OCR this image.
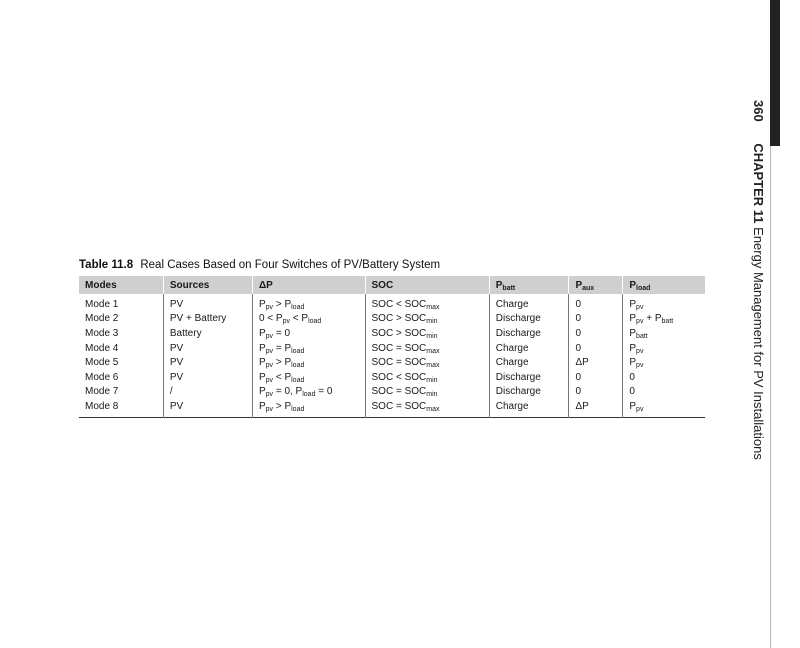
360 CHAPTER 11 Energy Management for PV Installations
Table 11.8 Real Cases Based on Four Switches of PV/Battery System
Modes	Sources	ΔP	SOC	$P_{batt}$	$P_{aux}$	$P_{load}$
Mode 1	PV	$P_{pv} > P_{load}$	SOC < $SOC_{max}$	Charge	0	$P_{pv}$
Mode 2	PV + Battery	$0 < P_{pv} < P_{load}$	SOC > $SOC_{min}$	Discharge	0	$P_{pv} + P_{batt}$
Mode 3	Battery	$P_{pv} = 0$	SOC > $SOC_{min}$	Discharge	0	$P_{batt}$
Mode 4	PV	$P_{pv} = P_{load}$	SOC = $SOC_{max}$	Charge	0	$P_{pv}$
Mode 5	PV	$P_{pv} > P_{load}$	SOC = $SOC_{max}$	Charge	ΔP	$P_{pv}$
Mode 6	PV	$P_{pv} < P_{load}$	SOC < $SOC_{min}$	Discharge	0	0
Mode 7	/	$P_{pv} = 0$, $P_{load} = 0$	SOC = $SOC_{min}$	Discharge	0	0
Mode 8	PV	$P_{pv} > P_{load}$	SOC = $SOC_{max}$	Charge	ΔP	$P_{pv}$
